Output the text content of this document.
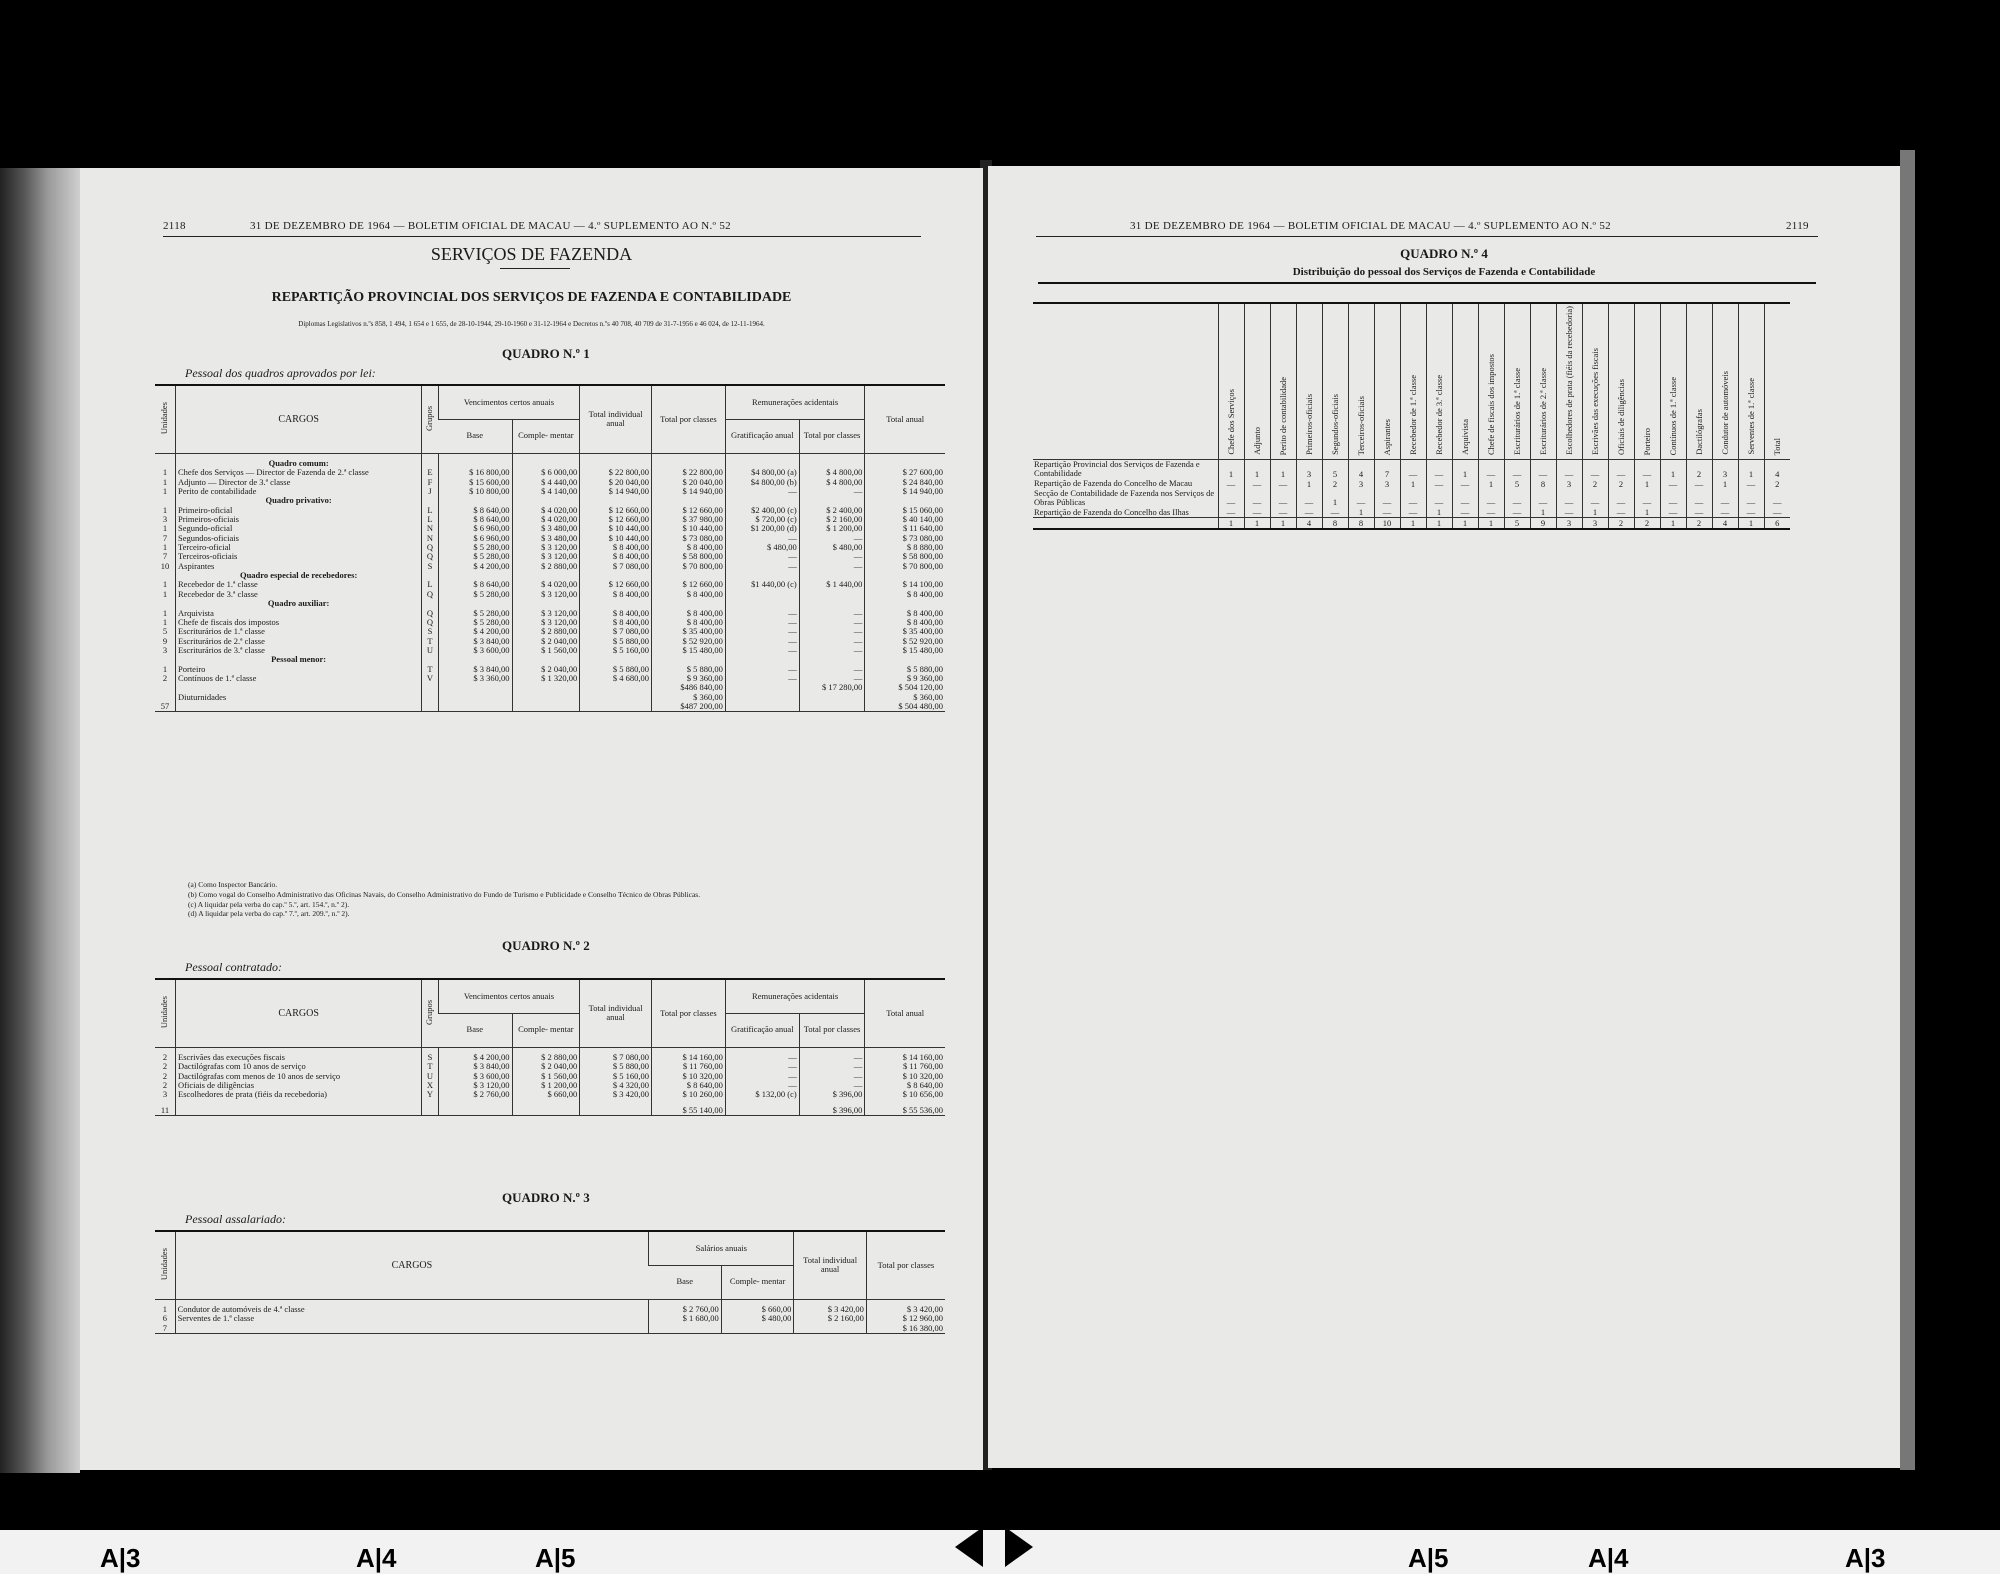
2118	31 DE DEZEMBRO DE 1964 — BOLETIM OFICIAL DE MACAU — 4.º SUPLEMENTO AO N.º 52
SERVIÇOS DE FAZENDA
REPARTIÇÃO PROVINCIAL DOS SERVIÇOS DE FAZENDA E CONTABILIDADE
Diplomas Legislativos n.ºs 858, 1 494, 1 654 e 1 655, de 28-10-1944, 29-10-1960 e 31-12-1964 e Decretos n.ºs 40 708, 40 709 de 31-7-1956 e 46 024, de 12-11-1964.
QUADRO N.º 1
Pessoal dos quadros aprovados por lei:
Unidades	CARGOS	Grupos	Vencimentos certos anuais		Total individual anual	Total por classes	Remunerações acidentais		Total anual
			Base	Comple- mentar			Gratificação anual	Total por classes	

	Quadro comum:								
1	Chefe dos Serviços — Director de Fazenda de 2.ª classe	E	$ 16 800,00	$ 6 000,00	$ 22 800,00	$ 22 800,00	$4 800,00 (a)	$ 4 800,00	$ 27 600,00
1	Adjunto — Director de 3.ª classe	F	$ 15 600,00	$ 4 440,00	$ 20 040,00	$ 20 040,00	$4 800,00 (b)	$ 4 800,00	$ 24 840,00
1	Perito de contabilidade	J	$ 10 800,00	$ 4 140,00	$ 14 940,00	$ 14 940,00	—	—	$ 14 940,00
	Quadro privativo:								
1	Primeiro-oficial	L	$ 8 640,00	$ 4 020,00	$ 12 660,00	$ 12 660,00	$2 400,00 (c)	$ 2 400,00	$ 15 060,00
3	Primeiros-oficiais	L	$ 8 640,00	$ 4 020,00	$ 12 660,00	$ 37 980,00	$ 720,00 (c)	$ 2 160,00	$ 40 140,00
1	Segundo-oficial	N	$ 6 960,00	$ 3 480,00	$ 10 440,00	$ 10 440,00	$1 200,00 (d)	$ 1 200,00	$ 11 640,00
7	Segundos-oficiais	N	$ 6 960,00	$ 3 480,00	$ 10 440,00	$ 73 080,00	—	—	$ 73 080,00
1	Terceiro-oficial	Q	$ 5 280,00	$ 3 120,00	$ 8 400,00	$ 8 400,00	$ 480,00	$ 480,00	$ 8 880,00
7	Terceiros-oficiais	Q	$ 5 280,00	$ 3 120,00	$ 8 400,00	$ 58 800,00	—	—	$ 58 800,00
10	Aspirantes	S	$ 4 200,00	$ 2 880,00	$ 7 080,00	$ 70 800,00	—	—	$ 70 800,00
	Quadro especial de recebedores:								
1	Recebedor de 1.ª classe	L	$ 8 640,00	$ 4 020,00	$ 12 660,00	$ 12 660,00	$1 440,00 (c)	$ 1 440,00	$ 14 100,00
1	Recebedor de 3.ª classe	Q	$ 5 280,00	$ 3 120,00	$ 8 400,00	$ 8 400,00			$ 8 400,00
	Quadro auxiliar:								
1	Arquivista	Q	$ 5 280,00	$ 3 120,00	$ 8 400,00	$ 8 400,00	—	—	$ 8 400,00
1	Chefe de fiscais dos impostos	Q	$ 5 280,00	$ 3 120,00	$ 8 400,00	$ 8 400,00	—	—	$ 8 400,00
5	Escriturários de 1.ª classe	S	$ 4 200,00	$ 2 880,00	$ 7 080,00	$ 35 400,00	—	—	$ 35 400,00
9	Escriturários de 2.ª classe	T	$ 3 840,00	$ 2 040,00	$ 5 880,00	$ 52 920,00	—	—	$ 52 920,00
3	Escriturários de 3.ª classe	U	$ 3 600,00	$ 1 560,00	$ 5 160,00	$ 15 480,00	—	—	$ 15 480,00
	Pessoal menor:								
1	Porteiro	T	$ 3 840,00	$ 2 040,00	$ 5 880,00	$ 5 880,00	—	—	$ 5 880,00
2	Contínuos de 1.ª classe	V	$ 3 360,00	$ 1 320,00	$ 4 680,00	$ 9 360,00	—	—	$ 9 360,00
						$486 840,00		$ 17 280,00	$ 504 120,00
	Diuturnidades					$ 360,00			$ 360,00
57						$487 200,00			$ 504 480,00
(a) Como Inspector Bancário.
(b) Como vogal do Conselho Administrativo das Oficinas Navais, do Conselho Administrativo do Fundo de Turismo e Publicidade e Conselho Técnico de Obras Públicas.
(c) A liquidar pela verba do cap.º 5.º, art. 154.º, n.º 2).
(d) A liquidar pela verba do cap.º 7.º, art. 209.º, n.º 2).
QUADRO N.º 2
Pessoal contratado:
Unidades	CARGOS	Grupos	Vencimentos certos anuais		Total individual anual	Total por classes	Remunerações acidentais		Total anual
			Base	Comple- mentar			Gratificação anual	Total por classes	

2	Escrivães das execuções fiscais	S	$ 4 200,00	$ 2 880,00	$ 7 080,00	$ 14 160,00	—	—	$ 14 160,00
2	Dactilógrafas com 10 anos de serviço	T	$ 3 840,00	$ 2 040,00	$ 5 880,00	$ 11 760,00	—	—	$ 11 760,00
2	Dactilógrafas com menos de 10 anos de serviço	U	$ 3 600,00	$ 1 560,00	$ 5 160,00	$ 10 320,00	—	—	$ 10 320,00
2	Oficiais de diligências	X	$ 3 120,00	$ 1 200,00	$ 4 320,00	$ 8 640,00	—	—	$ 8 640,00
3	Escolhedores de prata (fiéis da recebedoria)	Y	$ 2 760,00	$ 660,00	$ 3 420,00	$ 10 260,00	$ 132,00 (c)	$ 396,00	$ 10 656,00

11						$ 55 140,00		$ 396,00	$ 55 536,00
QUADRO N.º 3
Pessoal assalariado:
Unidades	CARGOS	Salários anuais		Total individual anual	Total por classes
		Base	Comple- mentar		

1	Condutor de automóveis de 4.ª classe	$ 2 760,00	$ 660,00	$ 3 420,00	$ 3 420,00
6	Serventes de 1.ª classe	$ 1 680,00	$ 480,00	$ 2 160,00	$ 12 960,00
7					$ 16 380,00
31 DE DEZEMBRO DE 1964 — BOLETIM OFICIAL DE MACAU — 4.º SUPLEMENTO AO N.º 52	2119
QUADRO N.º 4
Distribuição do pessoal dos Serviços de Fazenda e Contabilidade
	Chefe dos Serviços	Adjunto	Perito de contabilidade	Primeiros-oficiais	Segundos-oficiais	Terceiros-oficiais	Aspirantes	Recebedor de 1.ª classe	Recebedor de 3.ª classe	Arquivista	Chefe de fiscais dos impostos	Escriturários de 1.ª classe	Escriturários de 2.ª classe	Escolhedores de prata (fiéis da recebedoria)	Escrivães das execuções fiscais	Oficiais de diligências	Porteiro	Contínuos de 1.ª classe	Dactilógrafas	Condutor de automóveis	Serventes de 1.ª classe	Total
Repartição Provincial dos Serviços de Fazenda e Contabilidade	1	1	1	3	5	4	7	—	—	1	—	—	—	—	—	—	—	1	2	3	1	4
Repartição de Fazenda do Concelho de Macau	—	—	—	1	2	3	3	1	—	—	1	5	8	3	2	2	1	—	—	1	—	2
Secção de Contabilidade de Fazenda nos Serviços de Obras Públicas	—	—	—	—	1	—	—	—	—	—	—	—	—	—	—	—	—	—	—	—	—	—
Repartição de Fazenda do Concelho das Ilhas	—	—	—	—	—	1	—	—	1	—	—	—	1	—	1	—	1	—	—	—	—	—
	1	1	1	4	8	8	10	1	1	1	1	5	9	3	3	2	2	1	2	4	1	6
A|3	A|4	A|5	A|5	A|4	A|3
